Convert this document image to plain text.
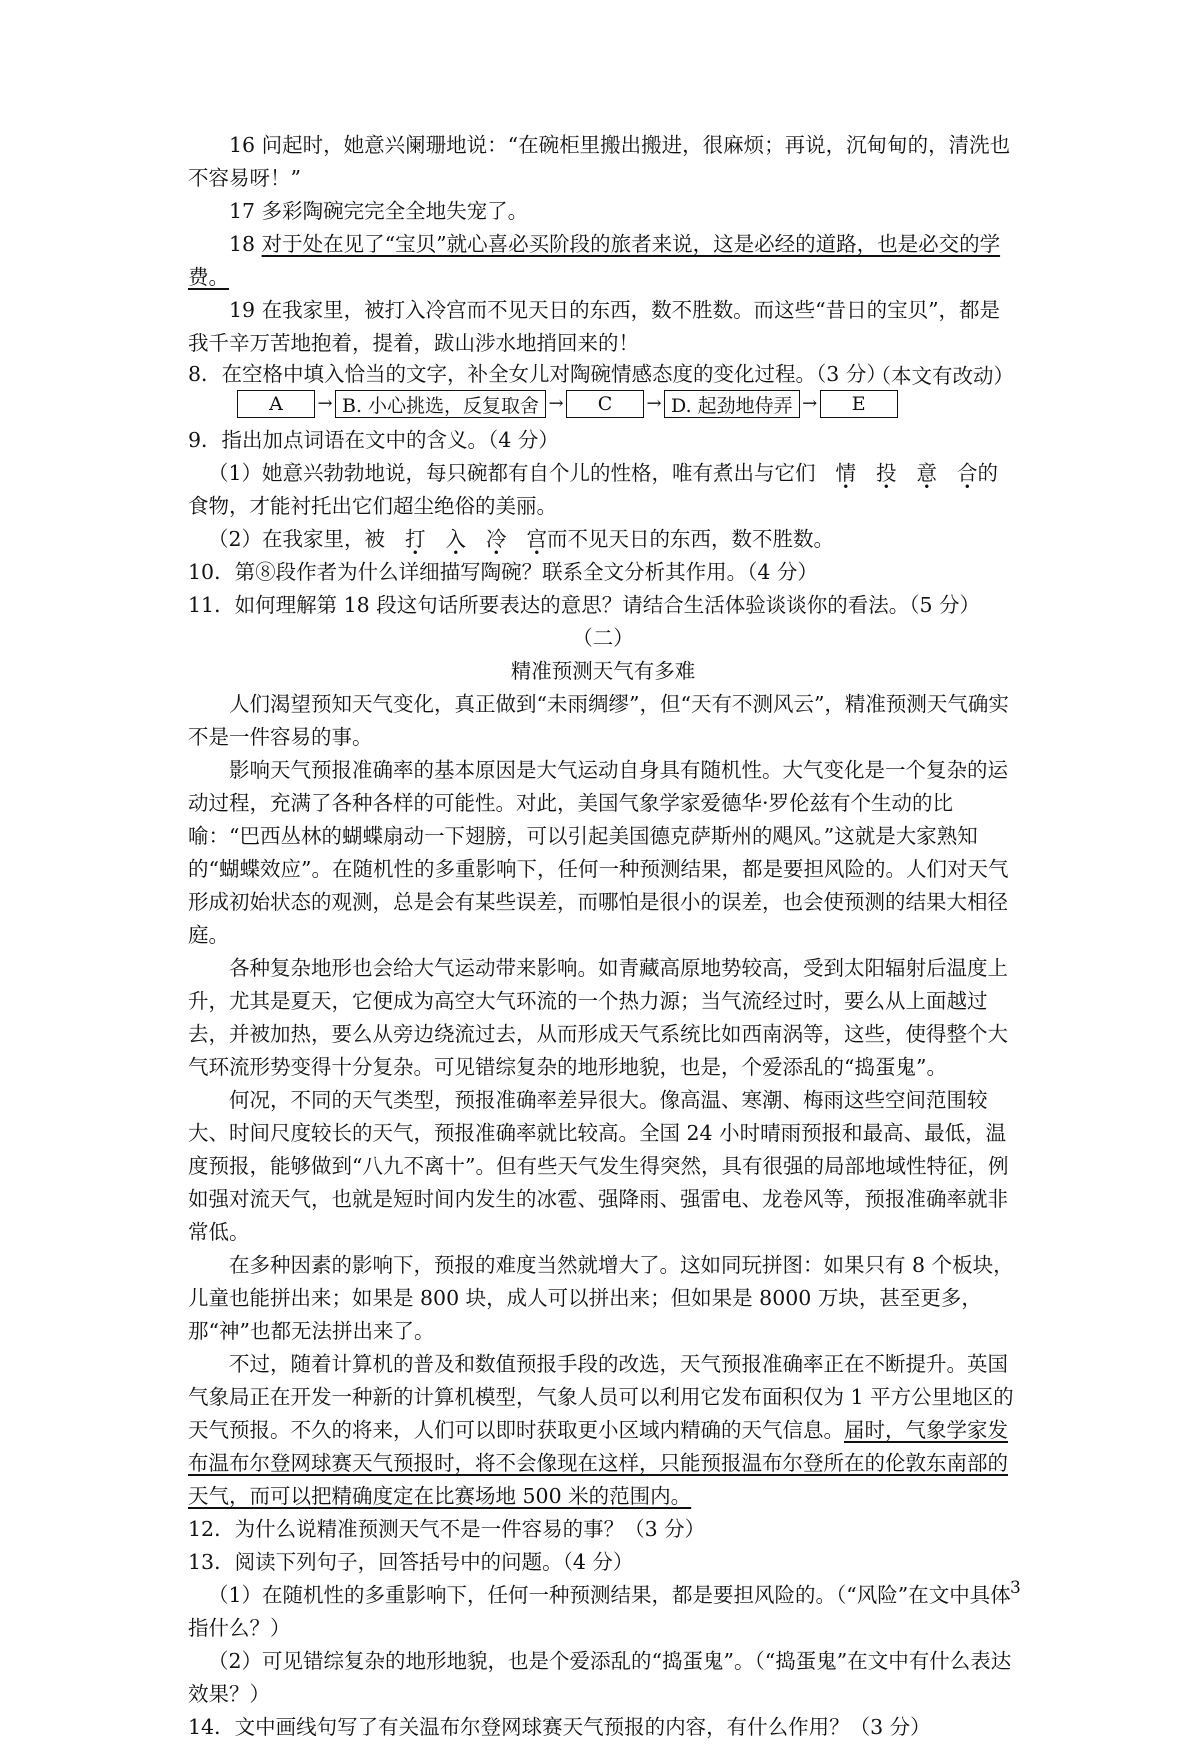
16 问起时，她意兴阑珊地说：“在碗柜里搬出搬进，很麻烦；再说，沉甸甸的，清洗也不容易呀！”

17 多彩陶碗完完全全地失宠了。

18 对于处在见了“宝贝”就心喜必买阶段的旅者来说，这是必经的道路，也是必交的学费。

19 在我家里，被打入冷宫而不见天日的东西，数不胜数。而这些“昔日的宝贝”，都是我千辛万苦地抱着，提着，跋山涉水地捎回来的！

（本文有改动）

8．在空格中填入恰当的文字，补全女儿对陶碗情感态度的变化过程。（3 分）

A	→ B. 小心挑选，反复取舍 →	C	→ D. 起劲地侍弄 →	E

9．指出加点词语在文中的含义。（4 分）

（1）她意兴勃勃地说，每只碗都有自个儿的性格，唯有煮出与它们 情 投 意 合的食物，才能衬托出它们超尘绝俗的美丽。

（2）在我家里，被 打 入 冷 宫而不见天日的东西，数不胜数。

10．第⑧段作者为什么详细描写陶碗？联系全文分析其作用。（4 分）

11．如何理解第 18 段这句话所要表达的意思？请结合生活体验谈谈你的看法。（5 分）

（二）

精准预测天气有多难

人们渴望预知天气变化，真正做到“未雨绸缪”，但“天有不测风云”，精准预测天气确实不是一件容易的事。

影响天气预报准确率的基本原因是大气运动自身具有随机性。大气变化是一个复杂的运动过程，充满了各种各样的可能性。对此，美国气象学家爱德华·罗伦兹有个生动的比喻：“巴西丛林的蝴蝶扇动一下翅膀，可以引起美国德克萨斯州的飓风。”这就是大家熟知的“蝴蝶效应”。在随机性的多重影响下，任何一种预测结果，都是要担风险的。人们对天气形成初始状态的观测，总是会有某些误差，而哪怕是很小的误差，也会使预测的结果大相径庭。

各种复杂地形也会给大气运动带来影响。如青藏高原地势较高，受到太阳辐射后温度上升，尤其是夏天，它便成为高空大气环流的一个热力源；当气流经过时，要么从上面越过去，并被加热，要么从旁边绕流过去，从而形成天气系统比如西南涡等，这些，使得整个大气环流形势变得十分复杂。可见错综复杂的地形地貌，也是，个爱添乱的“捣蛋鬼”。

何况，不同的天气类型，预报准确率差异很大。像高温、寒潮、梅雨这些空间范围较大、时间尺度较长的天气，预报准确率就比较高。全国 24 小时晴雨预报和最高、最低，温度预报，能够做到“八九不离十”。但有些天气发生得突然，具有很强的局部地域性特征，例如强对流天气，也就是短时间内发生的冰雹、强降雨、强雷电、龙卷风等，预报准确率就非常低。

在多种因素的影响下，预报的难度当然就增大了。这如同玩拼图：如果只有 8 个板块，儿童也能拼出来；如果是 800 块，成人可以拼出来；但如果是 8000 万块，甚至更多，那“神”也都无法拼出来了。

不过，随着计算机的普及和数值预报手段的改选，天气预报准确率正在不断提升。英国气象局正在开发一种新的计算机模型，气象人员可以利用它发布面积仅为 1 平方公里地区的天气预报。不久的将来，人们可以即时获取更小区域内精确的天气信息。届时，气象学家发布温布尔登网球赛天气预报时，将不会像现在这样，只能预报温布尔登所在的伦敦东南部的天气，而可以把精确度定在比赛场地 500 米的范围内。

12．为什么说精准预测天气不是一件容易的事？（3 分）

13．阅读下列句子，回答括号中的问题。（4 分）

（1）在随机性的多重影响下，任何一种预测结果，都是要担风险的。（“风险”在文中具体指什么？）

（2）可见错综复杂的地形地貌，也是个爱添乱的“捣蛋鬼”。（“捣蛋鬼”在文中有什么表达效果？）

14．文中画线句写了有关温布尔登网球赛天气预报的内容，有什么作用？（3 分）

3
